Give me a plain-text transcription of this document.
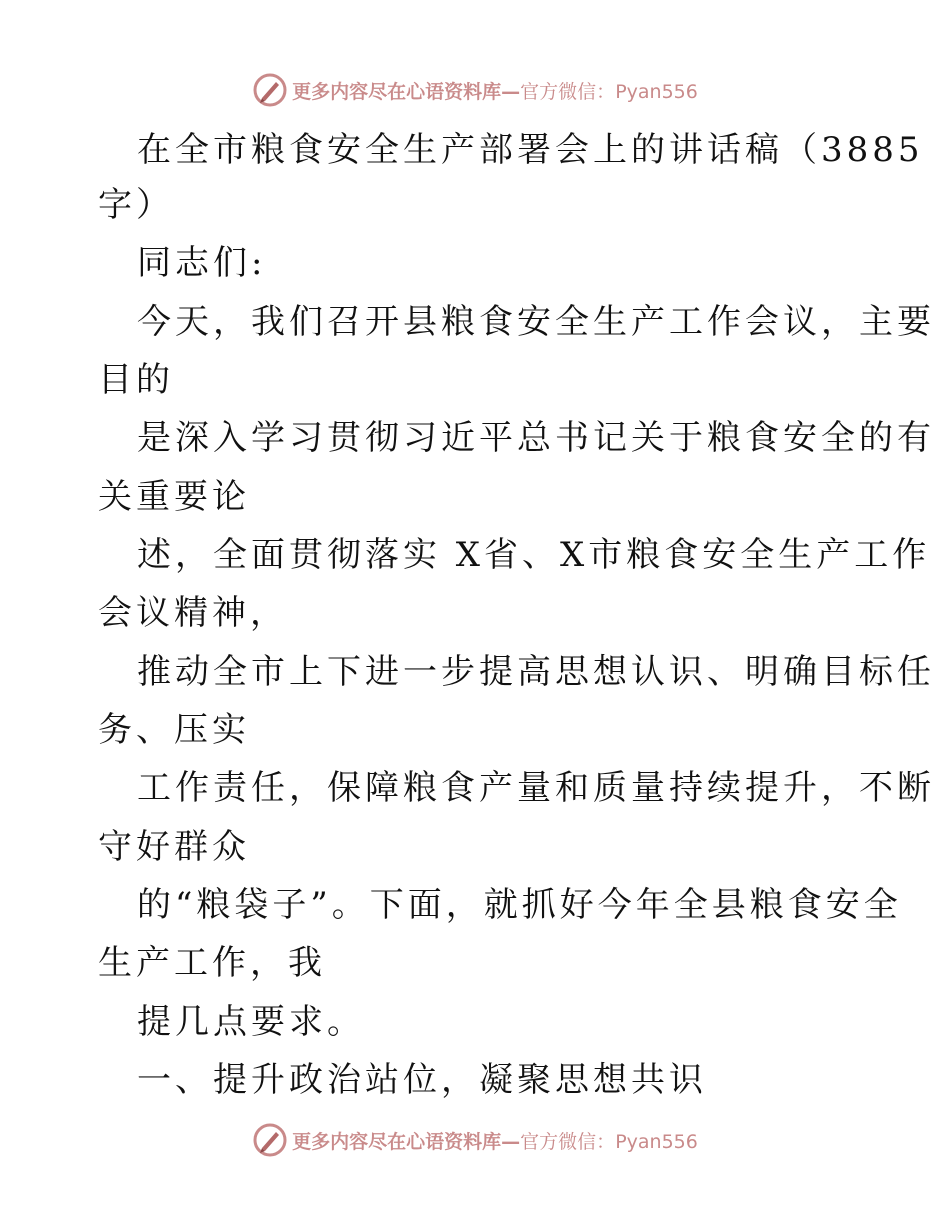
更多内容尽在心语资料库—官方微信：Pyan556
在全市粮食安全生产部署会上的讲话稿（3885
字）
同志们:
今天，我们召开县粮食安全生产工作会议，主要
目的
是深入学习贯彻习近平总书记关于粮食安全的有
关重要论
述，全面贯彻落实 X省、X市粮食安全生产工作
会议精神，
推动全市上下进一步提高思想认识、明确目标任
务、压实
工作责任，保障粮食产量和质量持续提升，不断
守好群众
的“粮袋子”。下面，就抓好今年全县粮食安全
生产工作，我
提几点要求。
一、提升政治站位，凝聚思想共识
更多内容尽在心语资料库—官方微信：Pyan556
